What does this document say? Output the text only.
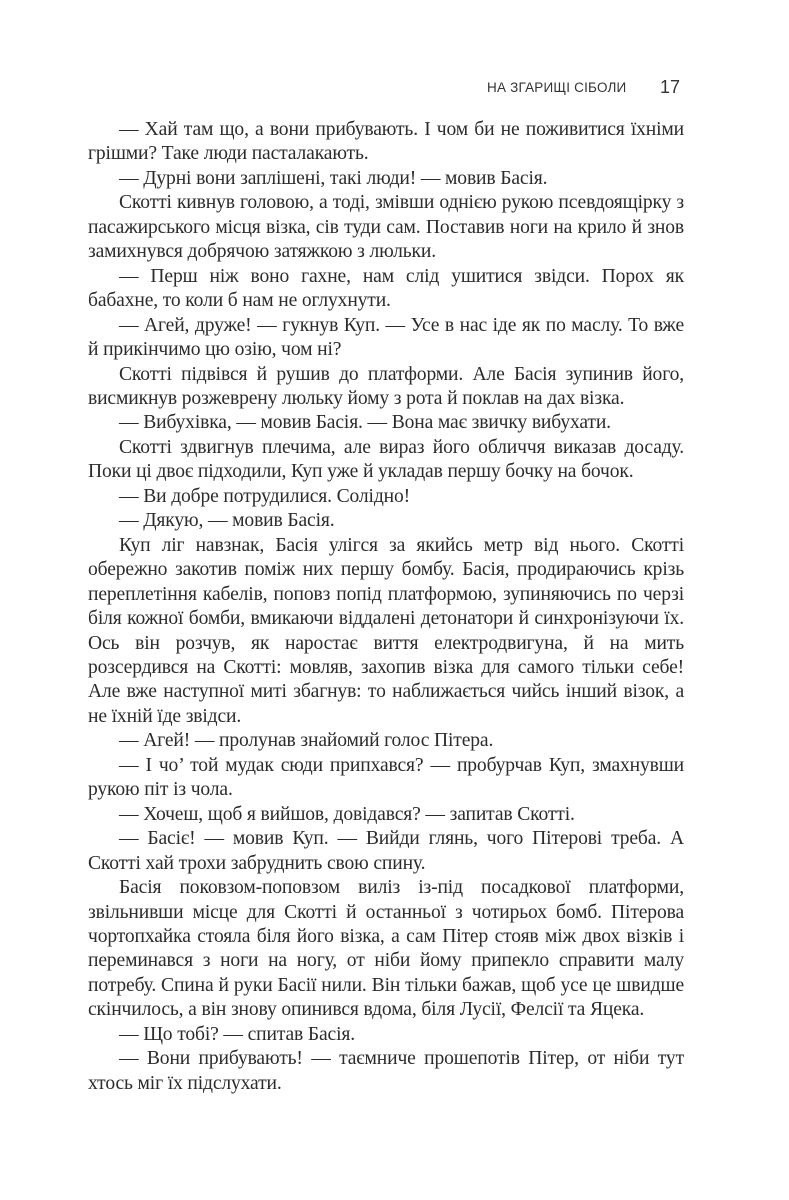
НА ЗГАРИЩІ СІБОЛИ 17

— Хай там що, а вони прибувають. І чом би не поживитися їхніми грішми? Таке люди пасталакають.

— Дурні вони заплішені, такі люди! — мовив Басія.

Скотті кивнув головою, а тоді, змівши однією рукою псевдоящірку з пасажирського місця візка, сів туди сам. Поставив ноги на крило й знов замихнувся добрячою затяжкою з люльки.

— Перш ніж воно гахне, нам слід ушитися звідси. Порох як бабахне, то коли б нам не оглухнути.

— Агей, друже! — гукнув Куп. — Усе в нас іде як по маслу. То вже й прикінчимо цю озію, чом ні?

Скотті підвівся й рушив до платформи. Але Басія зупинив його, висмикнув розжеврену люльку йому з рота й поклав на дах візка.

— Вибухівка, — мовив Басія. — Вона має звичку вибухати.

Скотті здвигнув плечима, але вираз його обличчя виказав досаду. Поки ці двоє підходили, Куп уже й укладав першу бочку на бочок.

— Ви добре потрудилися. Солідно!

— Дякую, — мовив Басія.

Куп ліг навзнак, Басія улігся за якийсь метр від нього. Скотті обережно закотив поміж них першу бомбу. Басія, продираючись крізь переплетіння кабелів, поповз попід платформою, зупиняючись по черзі біля кожної бомби, вмикаючи віддалені детонатори й синхронізуючи їх. Ось він розчув, як наростає виття електродвигуна, й на мить розсердився на Скотті: мовляв, захопив візка для самого тільки себе! Але вже наступної миті збагнув: то наближається чийсь інший візок, а не їхній їде звідси.

— Агей! — пролунав знайомий голос Пітера.

— І чо’ той мудак сюди припхався? — пробурчав Куп, змахнувши рукою піт із чола.

— Хочеш, щоб я вийшов, довідався? — запитав Скотті.

— Басіє! — мовив Куп. — Вийди глянь, чого Пітерові треба. А Скотті хай трохи забруднить свою спину.

Басія поковзом-поповзом виліз із-під посадкової платформи, звільнивши місце для Скотті й останньої з чотирьох бомб. Пітерова чортопхайка стояла біля його візка, а сам Пітер стояв між двох візків і переминався з ноги на ногу, от ніби йому припекло справити малу потребу. Спина й руки Басії нили. Він тільки бажав, щоб усе це швидше скінчилось, а він знову опинився вдома, біля Лусії, Фелсії та Яцека.

— Що тобі? — спитав Басія.

— Вони прибувають! — таємниче прошепотів Пітер, от ніби тут хтось міг їх підслухати.
